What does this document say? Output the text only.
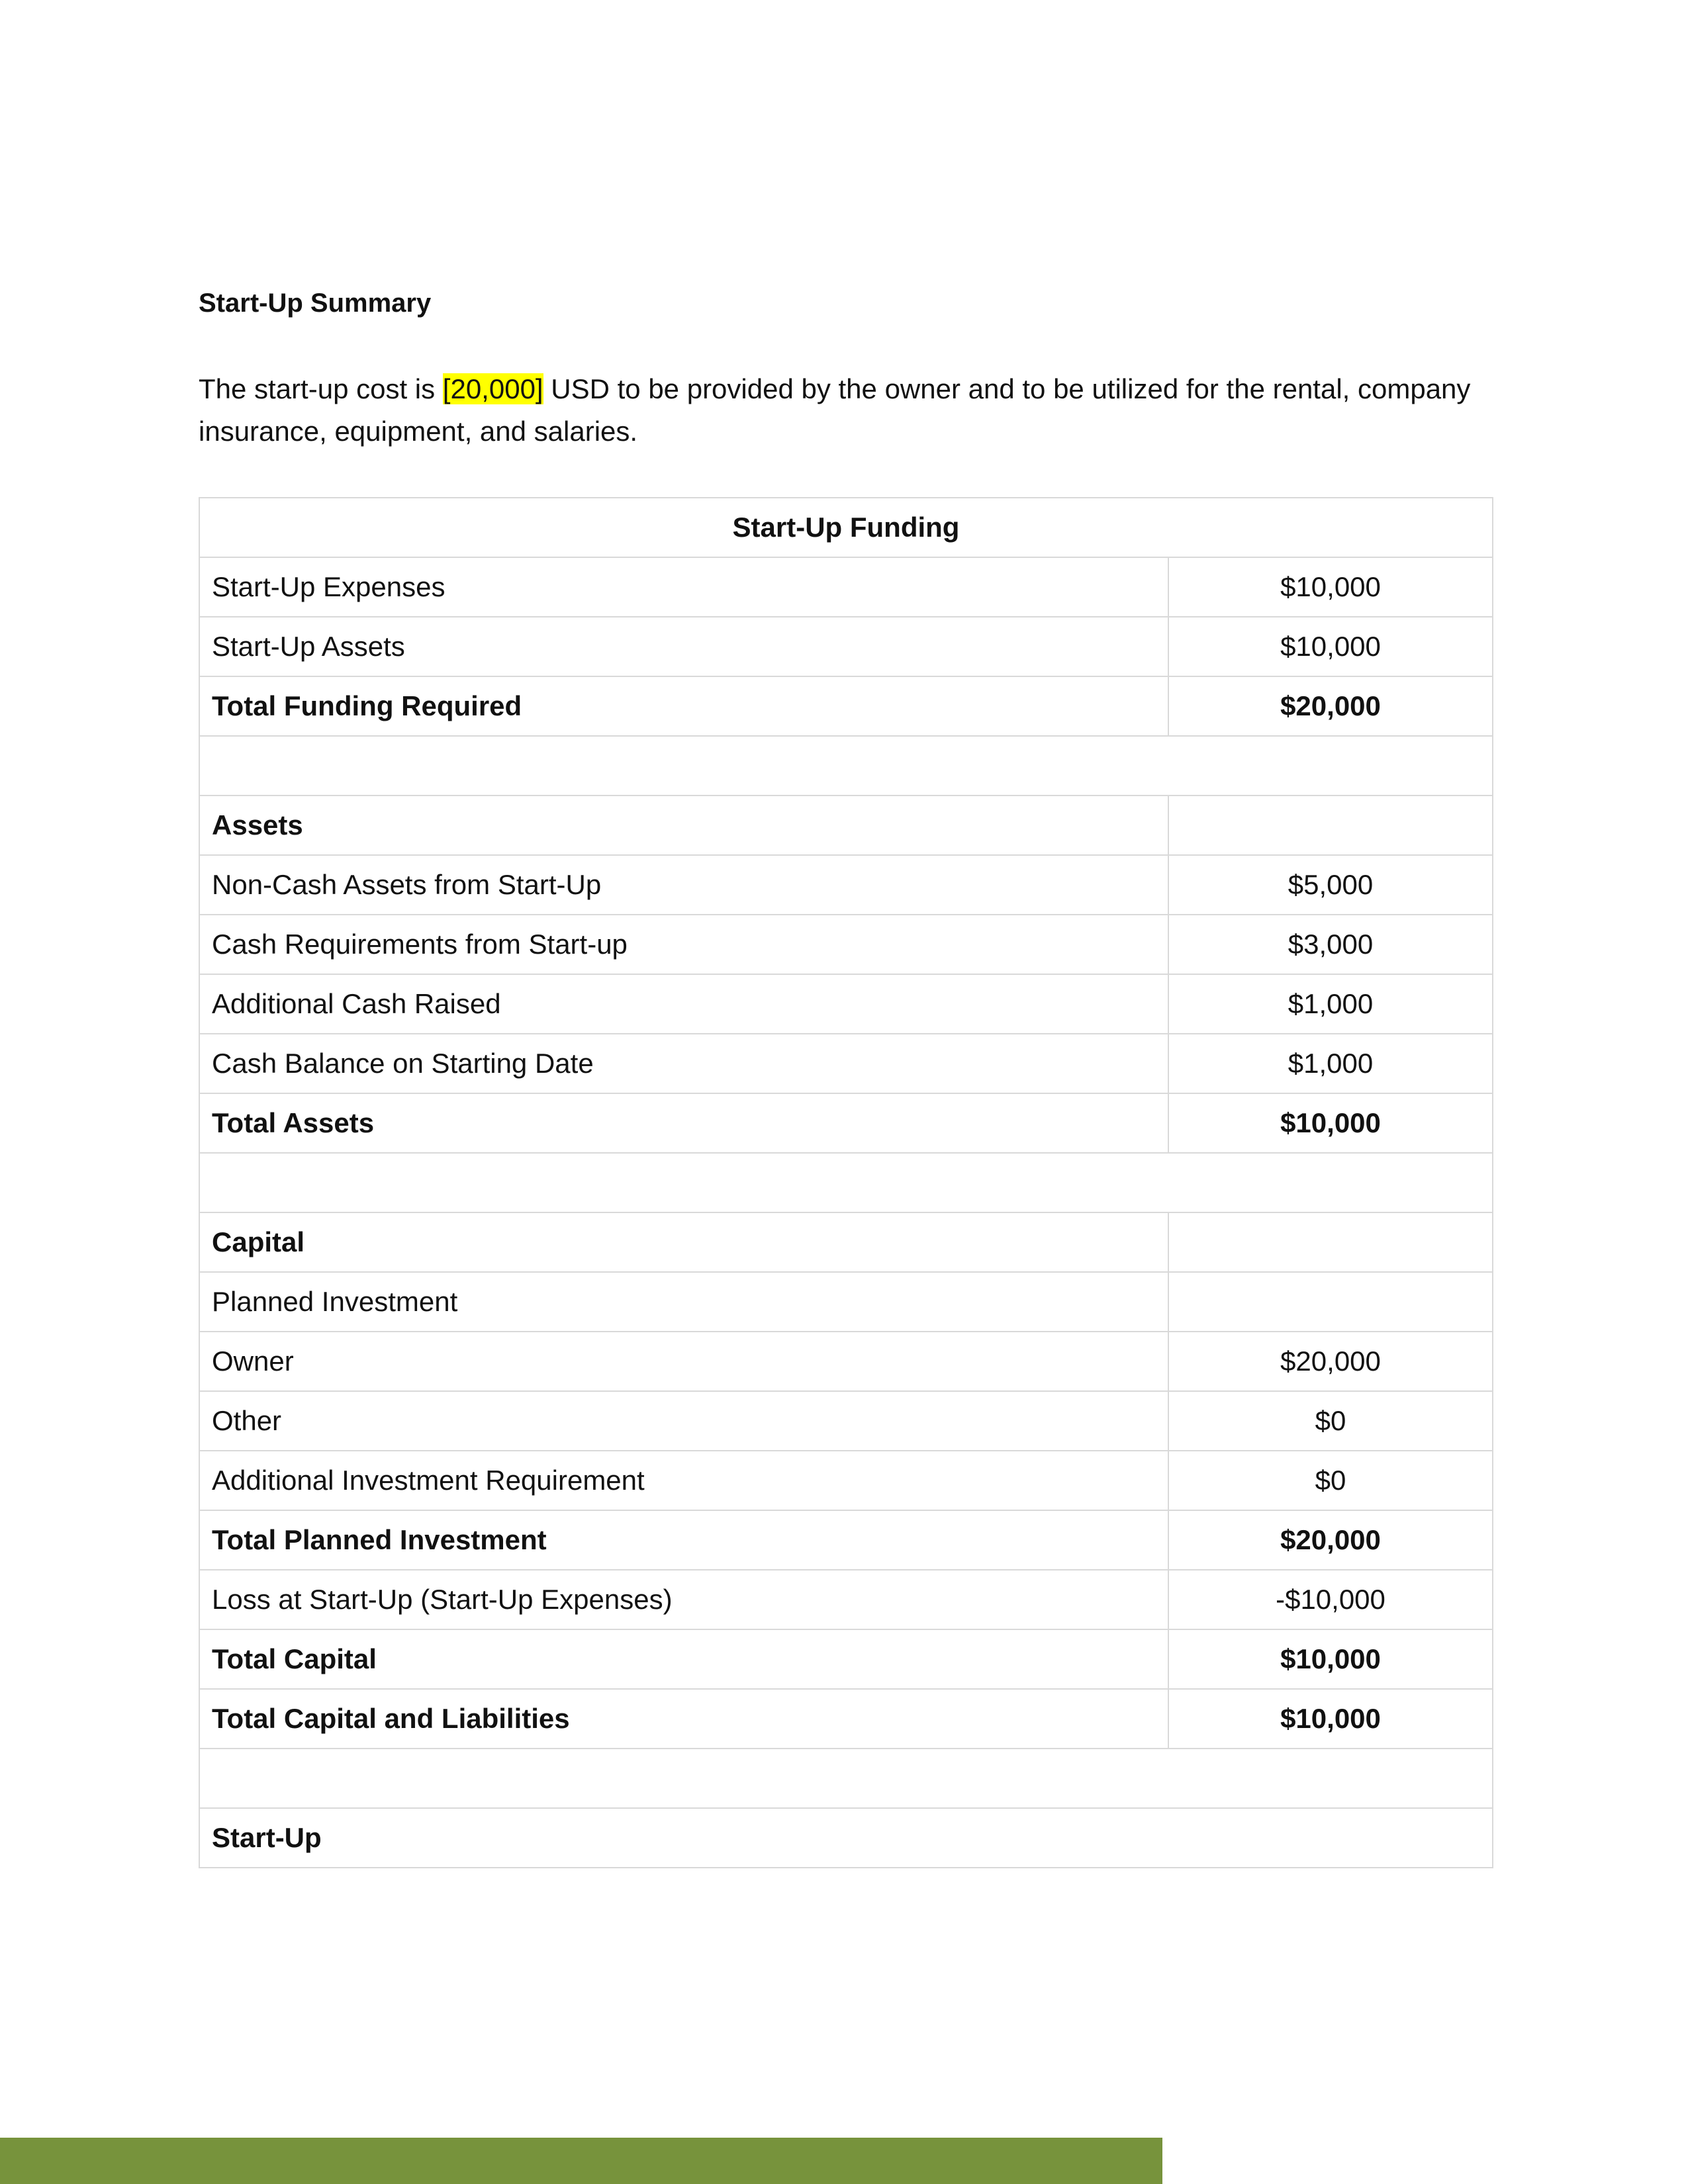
Start-Up Summary

The start-up cost is [20,000] USD to be provided by the owner and to be utilized for the rental, company insurance, equipment, and salaries.

Start-Up Funding	
Start-Up Expenses	$10,000
Start-Up Assets	$10,000
Total Funding Required	$20,000

Assets	
Non-Cash Assets from Start-Up	$5,000
Cash Requirements from Start-up	$3,000
Additional Cash Raised	$1,000
Cash Balance on Starting Date	$1,000
Total Assets	$10,000

Capital	
Planned Investment	
Owner	$20,000
Other	$0
Additional Investment Requirement	$0
Total Planned Investment	$20,000
Loss at Start-Up (Start-Up Expenses)	-$10,000
Total Capital	$10,000
Total Capital and Liabilities	$10,000

Start-Up	
